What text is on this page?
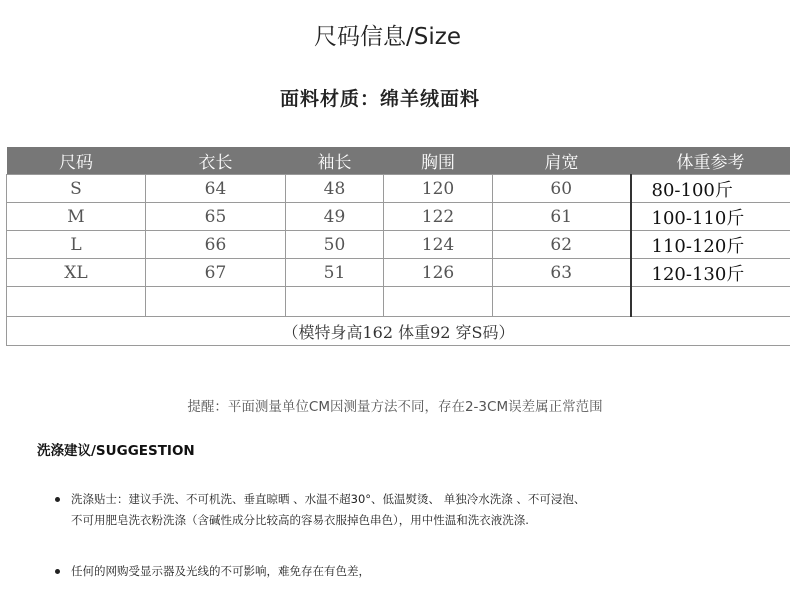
尺码信息/Size
面料材质：绵羊绒面料
尺码	衣长	袖长	胸围	肩宽	体重参考
S	64	48	120	60	80-100斤
M	65	49	122	61	100-110斤
L	66	50	124	62	110-120斤
XL	67	51	126	63	120-130斤

（模特身高162 体重92 穿S码）					
提醒：平面测量单位CM因测量方法不同，存在2-3CM误差属正常范围
洗涤建议/SUGGESTION
洗涤贴士：建议手洗、不可机洗、垂直晾晒 、水温不超30°、低温熨烫、 单独冷水洗涤 、不可浸泡、
不可用肥皂洗衣粉洗涤（含碱性成分比较高的容易衣服掉色串色），用中性温和洗衣液洗涤.
任何的网购受显示器及光线的不可影响，难免存在有色差，
